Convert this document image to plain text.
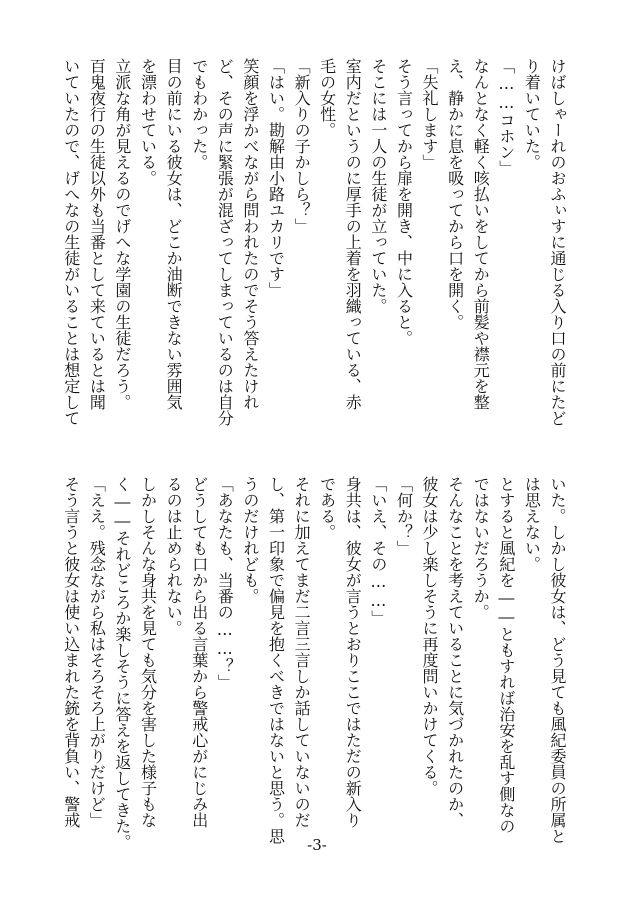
けばしゃーれのおふぃすに通じる入り口の前にたど

り着いていた。

「……コホン」

なんとなく軽く咳払いをしてから前髪や襟元を整

え、静かに息を吸ってから口を開く。

「失礼します」

そう言ってから扉を開き、中に入ると。

そこには一人の生徒が立っていた。

室内だというのに厚手の上着を羽織っている、赤

毛の女性。

「新入りの子かしら？」

「はい。勘解由小路ユカリです」

笑顔を浮かべながら問われたのでそう答えたけれ

ど、その声に緊張が混ざってしまっているのは自分

でもわかった。

目の前にいる彼女は、どこか油断できない雰囲気

を漂わせている。

立派な角が見えるのでげへな学園の生徒だろう。

百鬼夜行の生徒以外も当番として来ているとは聞

いていたので、げへなの生徒がいることは想定して

いた。しかし彼女は、どう見ても風紀委員の所属と

は思えない。

とすると風紀を――ともすれば治安を乱す側なの

ではないだろうか。

そんなことを考えていることに気づかれたのか、

彼女は少し楽しそうに再度問いかけてくる。

「何か？」

「いえ、その……」

身共は、彼女が言うとおりここではただの新入り

である。

それに加えてまだ二言三言しか話していないのだ

し、第一印象で偏見を抱くべきではないと思う。思

うのだけれども。

「あなたも、当番の……？」

どうしても口から出る言葉から警戒心がにじみ出

るのは止められない。

しかしそんな身共を見ても気分を害した様子もな

く――それどころか楽しそうに答えを返してきた。

「ええ。残念ながら私はそろそろ上がりだけど」

そう言うと彼女は使い込まれた銃を背負い、警戒

-3-
